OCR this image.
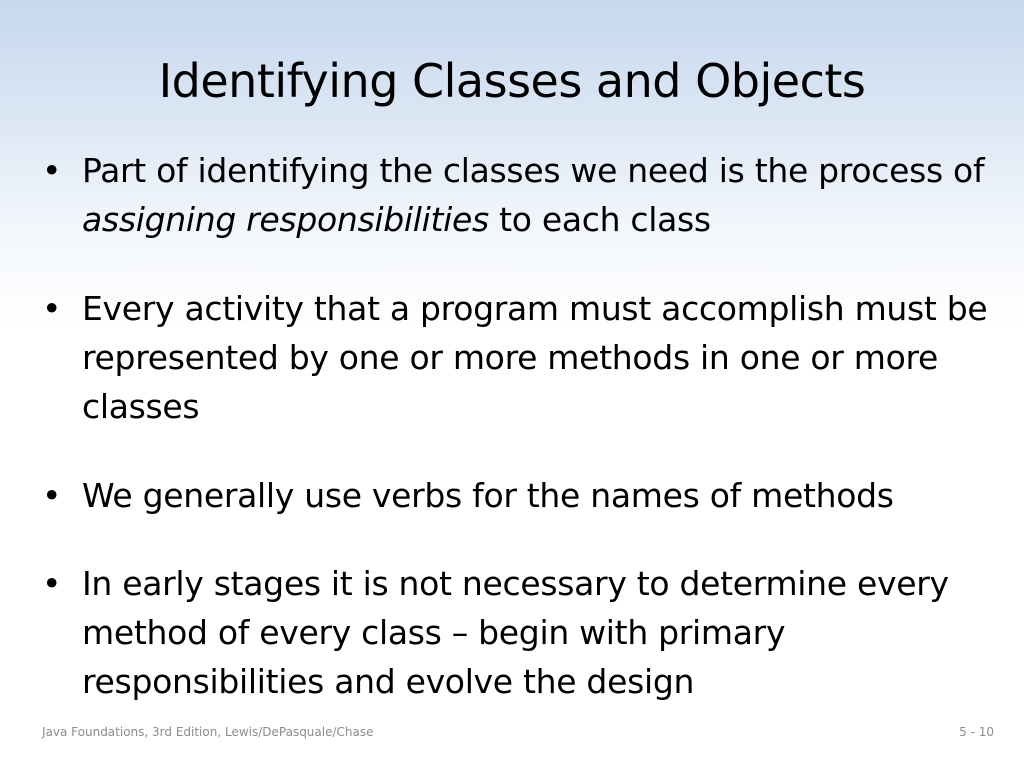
Identifying Classes and Objects
• Part of identifying the classes we need is the process of assigning responsibilities to each class
• Every activity that a program must accomplish must be represented by one or more methods in one or more classes
• We generally use verbs for the names of methods
• In early stages it is not necessary to determine every method of every class – begin with primary responsibilities and evolve the design
Java Foundations, 3rd Edition, Lewis/DePasquale/Chase	5 - 10
